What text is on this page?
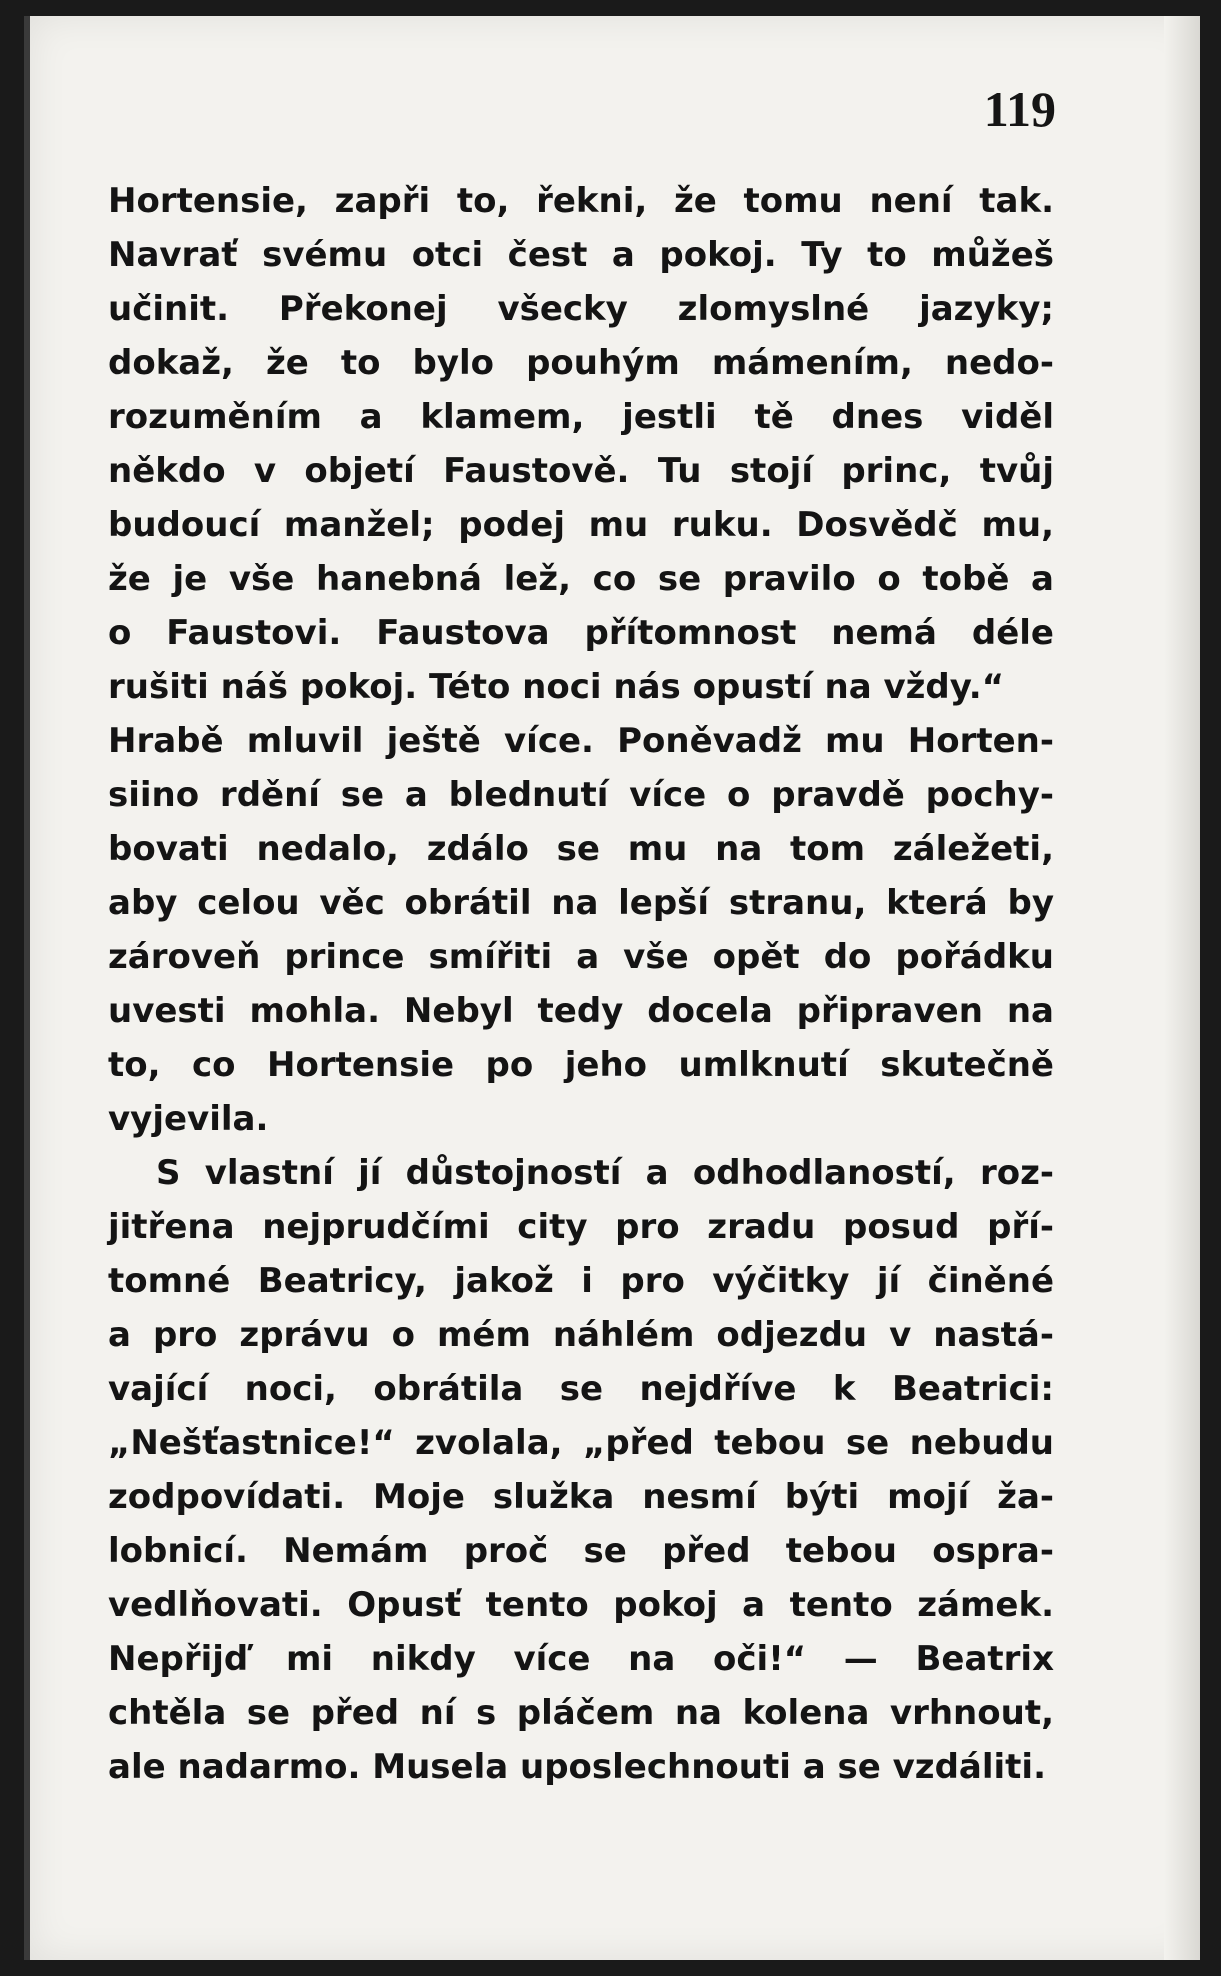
119
Hortensie, zapři to, řekni, že tomu není tak.
Navrať svému otci čest a pokoj. Ty to můžeš
učinit. Překonej všecky zlomyslné jazyky;
dokaž, že to bylo pouhým mámením, nedo-
rozuměním a klamem, jestli tě dnes viděl
někdo v objetí Faustově. Tu stojí princ, tvůj
budoucí manžel; podej mu ruku. Dosvědč mu,
že je vše hanebná lež, co se pravilo o tobě a
o Faustovi. Faustova přítomnost nemá déle
rušiti náš pokoj. Této noci nás opustí na vždy.“
Hrabě mluvil ještě více. Poněvadž mu Horten-
siino rdění se a blednutí více o pravdě pochy-
bovati nedalo, zdálo se mu na tom záležeti,
aby celou věc obrátil na lepší stranu, která by
zároveň prince smířiti a vše opět do pořádku
uvesti mohla. Nebyl tedy docela připraven na
to, co Hortensie po jeho umlknutí skutečně
vyjevila.
S vlastní jí důstojností a odhodlaností, roz-
jitřena nejprudčími city pro zradu posud pří-
tomné Beatricy, jakož i pro výčitky jí činěné
a pro zprávu o mém náhlém odjezdu v nastá-
vající noci, obrátila se nejdříve k Beatrici:
„Nešťastnice!“ zvolala, „před tebou se nebudu
zodpovídati. Moje služka nesmí býti mojí ža-
lobnicí. Nemám proč se před tebou ospra-
vedlňovati. Opusť tento pokoj a tento zámek.
Nepřijď mi nikdy více na oči!“ — Beatrix
chtěla se před ní s pláčem na kolena vrhnout,
ale nadarmo. Musela uposlechnouti a se vzdáliti.
